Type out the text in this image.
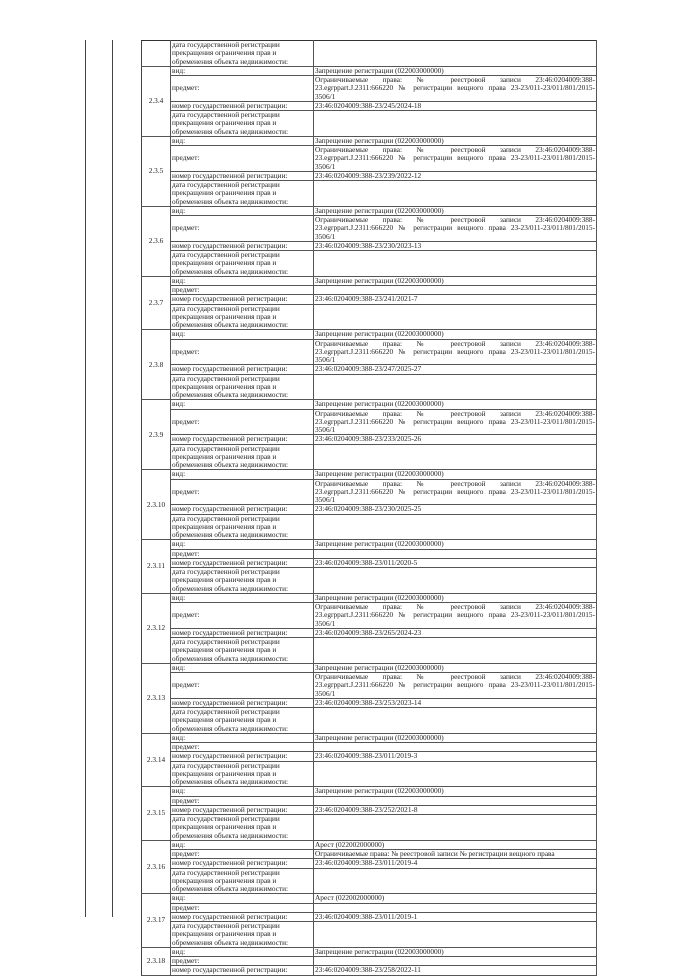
	дата государственной регистрации прекращения ограничения прав и обременения объекта недвижимости:	
2.3.4	вид:	Запрещение регистрации (022003000000)
	предмет:	Ограничиваемые права: № реестровой записи 23:46:0204009:388-23.egrppart.J.2311:666220 № регистрации вещного права 23-23/011-23/011/801/2015-3506/1
	номер государственной регистрации:	23:46:0204009:388-23/245/2024-18
	дата государственной регистрации прекращения ограничения прав и обременения объекта недвижимости:	
2.3.5	вид:	Запрещение регистрации (022003000000)
	предмет:	Ограничиваемые права: № реестровой записи 23:46:0204009:388-23.egrppart.J.2311:666220 № регистрации вещного права 23-23/011-23/011/801/2015-3506/1
	номер государственной регистрации:	23:46:0204009:388-23/239/2022-12
	дата государственной регистрации прекращения ограничения прав и обременения объекта недвижимости:	
2.3.6	вид:	Запрещение регистрации (022003000000)
	предмет:	Ограничиваемые права: № реестровой записи 23:46:0204009:388-23.egrppart.J.2311:666220 № регистрации вещного права 23-23/011-23/011/801/2015-3506/1
	номер государственной регистрации:	23:46:0204009:388-23/230/2023-13
	дата государственной регистрации прекращения ограничения прав и обременения объекта недвижимости:	
2.3.7	вид:	Запрещение регистрации (022003000000)
	предмет:	
	номер государственной регистрации:	23:46:0204009:388-23/241/2021-7
	дата государственной регистрации прекращения ограничения прав и обременения объекта недвижимости:	
2.3.8	вид:	Запрещение регистрации (022003000000)
	предмет:	Ограничиваемые права: № реестровой записи 23:46:0204009:388-23.egrppart.J.2311:666220 № регистрации вещного права 23-23/011-23/011/801/2015-3506/1
	номер государственной регистрации:	23:46:0204009:388-23/247/2025-27
	дата государственной регистрации прекращения ограничения прав и обременения объекта недвижимости:	
2.3.9	вид:	Запрещение регистрации (022003000000)
	предмет:	Ограничиваемые права: № реестровой записи 23:46:0204009:388-23.egrppart.J.2311:666220 № регистрации вещного права 23-23/011-23/011/801/2015-3506/1
	номер государственной регистрации:	23:46:0204009:388-23/233/2025-26
	дата государственной регистрации прекращения ограничения прав и обременения объекта недвижимости:	
2.3.10	вид:	Запрещение регистрации (022003000000)
	предмет:	Ограничиваемые права: № реестровой записи 23:46:0204009:388-23.egrppart.J.2311:666220 № регистрации вещного права 23-23/011-23/011/801/2015-3506/1
	номер государственной регистрации:	23:46:0204009:388-23/230/2025-25
	дата государственной регистрации прекращения ограничения прав и обременения объекта недвижимости:	
2.3.11	вид:	Запрещение регистрации (022003000000)
	предмет:	
	номер государственной регистрации:	23:46:0204009:388-23/011/2020-5
	дата государственной регистрации прекращения ограничения прав и обременения объекта недвижимости:	
2.3.12	вид:	Запрещение регистрации (022003000000)
	предмет:	Ограничиваемые права: № реестровой записи 23:46:0204009:388-23.egrppart.J.2311:666220 № регистрации вещного права 23-23/011-23/011/801/2015-3506/1
	номер государственной регистрации:	23:46:0204009:388-23/265/2024-23
	дата государственной регистрации прекращения ограничения прав и обременения объекта недвижимости:	
2.3.13	вид:	Запрещение регистрации (022003000000)
	предмет:	Ограничиваемые права: № реестровой записи 23:46:0204009:388-23.egrppart.J.2311:666220 № регистрации вещного права 23-23/011-23/011/801/2015-3506/1
	номер государственной регистрации:	23:46:0204009:388-23/253/2023-14
	дата государственной регистрации прекращения ограничения прав и обременения объекта недвижимости:	
2.3.14	вид:	Запрещение регистрации (022003000000)
	предмет:	
	номер государственной регистрации:	23:46:0204009:388-23/011/2019-3
	дата государственной регистрации прекращения ограничения прав и обременения объекта недвижимости:	
2.3.15	вид:	Запрещение регистрации (022003000000)
	предмет:	
	номер государственной регистрации:	23:46:0204009:388-23/252/2021-8
	дата государственной регистрации прекращения ограничения прав и обременения объекта недвижимости:	
2.3.16	вид:	Арест (022002000000)
	предмет:	Ограничиваемые права: № реестровой записи № регистрации вещного права
	номер государственной регистрации:	23:46:0204009:388-23/011/2019-4
	дата государственной регистрации прекращения ограничения прав и обременения объекта недвижимости:	
2.3.17	вид:	Арест (022002000000)
	предмет:	
	номер государственной регистрации:	23:46:0204009:388-23/011/2019-1
	дата государственной регистрации прекращения ограничения прав и обременения объекта недвижимости:	
2.3.18	вид:	Запрещение регистрации (022003000000)
	предмет:	
	номер государственной регистрации:	23:46:0204009:388-23/258/2022-11
